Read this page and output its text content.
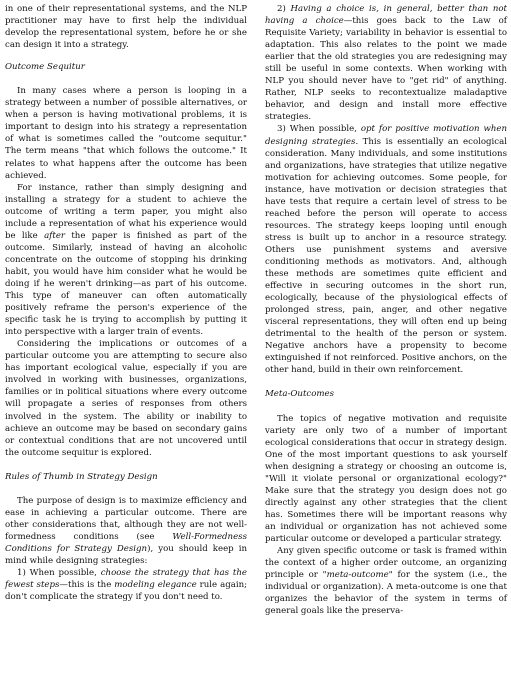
in one of their representational systems, and the NLP practitioner may have to first help the individual develop the representational system, before he or she can design it into a strategy.

Outcome Sequitur

In many cases where a person is looping in a strategy between a number of possible alternatives, or when a person is having motivational problems, it is important to design into his strategy a representation of what is sometimes called the "outcome sequitur." The term means "that which follows the outcome." It relates to what happens after the outcome has been achieved.

For instance, rather than simply designing and installing a strategy for a student to achieve the outcome of writing a term paper, you might also include a representation of what his experience would be like after the paper is finished as part of the outcome. Similarly, instead of having an alcoholic concentrate on the outcome of stopping his drinking habit, you would have him consider what he would be doing if he weren't drinking—as part of his outcome. This type of maneuver can often automatically positively reframe the person's experience of the specific task he is trying to accomplish by putting it into perspective with a larger train of events.

Considering the implications or outcomes of a particular outcome you are attempting to secure also has important ecological value, especially if you are involved in working with businesses, organizations, families or in political situations where every outcome will propagate a series of responses from others involved in the system. The ability or inability to achieve an outcome may be based on secondary gains or contextual conditions that are not uncovered until the outcome sequitur is explored.

Rules of Thumb in Strategy Design

The purpose of design is to maximize efficiency and ease in achieving a particular outcome. There are other considerations that, although they are not well-formedness conditions (see Well-Formedness Conditions for Strategy Design), you should keep in mind while designing strategies:

1) When possible, choose the strategy that has the fewest steps—this is the modeling elegance rule again; don't complicate the strategy if you don't need to.

2) Having a choice is, in general, better than not having a choice—this goes back to the Law of Requisite Variety; variability in behavior is essential to adaptation. This also relates to the point we made earlier that the old strategies you are redesigning may still be useful in some contexts. When working with NLP you should never have to "get rid" of anything. Rather, NLP seeks to recontextualize maladaptive behavior, and design and install more effective strategies.

3) When possible, opt for positive motivation when designing strategies. This is essentially an ecological consideration. Many individuals, and some institutions and organizations, have strategies that utilize negative motivation for achieving outcomes. Some people, for instance, have motivation or decision strategies that have tests that require a certain level of stress to be reached before the person will operate to access resources. The strategy keeps looping until enough stress is built up to anchor in a resource strategy. Others use punishment systems and aversive conditioning methods as motivators. And, although these methods are sometimes quite efficient and effective in securing outcomes in the short run, ecologically, because of the physiological effects of prolonged stress, pain, anger, and other negative visceral representations, they will often end up being detrimental to the health of the person or system. Negative anchors have a propensity to become extinguished if not reinforced. Positive anchors, on the other hand, build in their own reinforcement.

Meta-Outcomes

The topics of negative motivation and requisite variety are only two of a number of important ecological considerations that occur in strategy design. One of the most important questions to ask yourself when designing a strategy or choosing an outcome is, "Will it violate personal or organizational ecology?" Make sure that the strategy you design does not go directly against any other strategies that the client has. Sometimes there will be important reasons why an individual or organization has not achieved some particular outcome or developed a particular strategy.

Any given specific outcome or task is framed within the context of a higher order outcome, an organizing principle or "meta-outcome" for the system (i.e., the individual or organization). A meta-outcome is one that organizes the behavior of the system in terms of general goals like the preserva-
